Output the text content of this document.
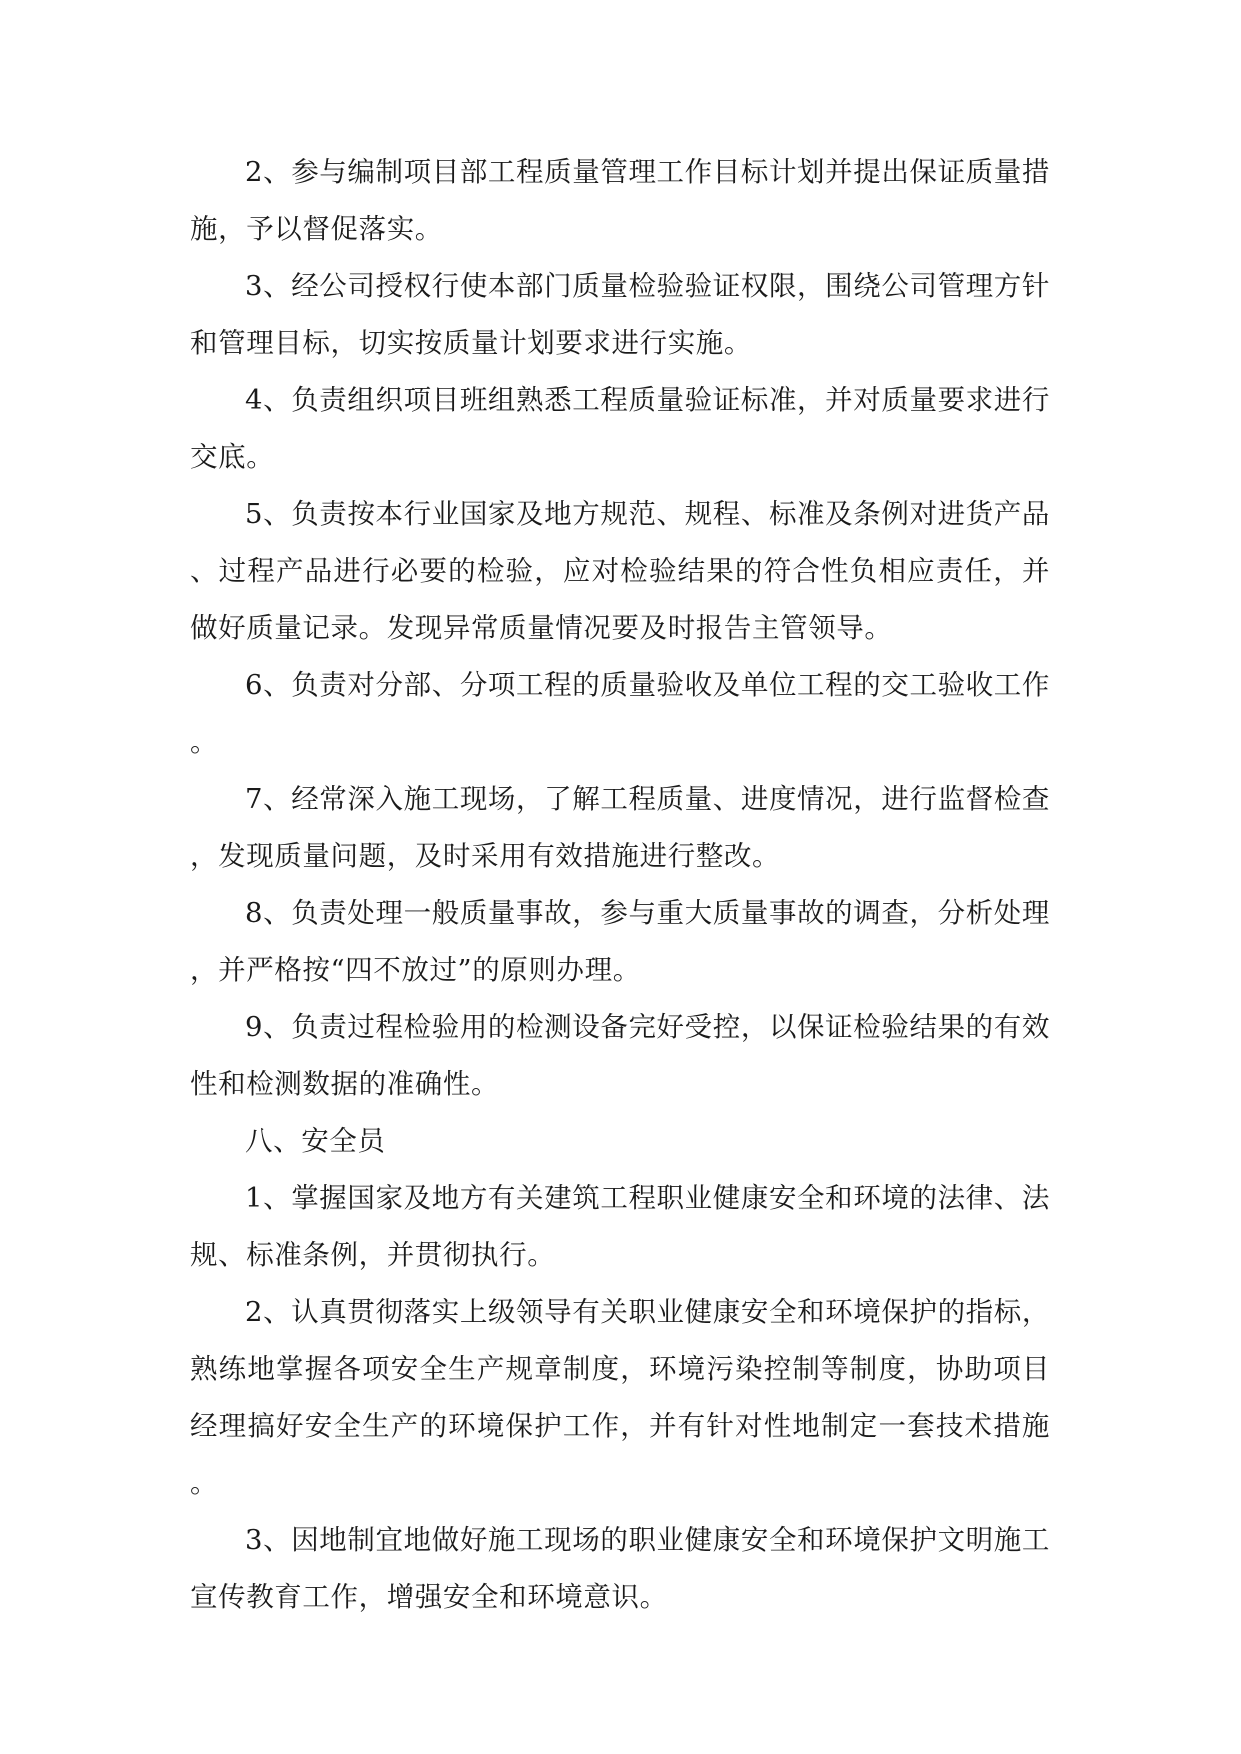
2、参与编制项目部工程质量管理工作目标计划并提出保证质量措施，予以督促落实。

3、经公司授权行使本部门质量检验验证权限，围绕公司管理方针和管理目标，切实按质量计划要求进行实施。

4、负责组织项目班组熟悉工程质量验证标准，并对质量要求进行交底。

5、负责按本行业国家及地方规范、规程、标准及条例对进货产品、过程产品进行必要的检验，应对检验结果的符合性负相应责任，并做好质量记录。发现异常质量情况要及时报告主管领导。

6、负责对分部、分项工程的质量验收及单位工程的交工验收工作。

7、经常深入施工现场，了解工程质量、进度情况，进行监督检查，发现质量问题，及时采用有效措施进行整改。

8、负责处理一般质量事故，参与重大质量事故的调查，分析处理，并严格按“四不放过”的原则办理。

9、负责过程检验用的检测设备完好受控，以保证检验结果的有效性和检测数据的准确性。

八、安全员

1、掌握国家及地方有关建筑工程职业健康安全和环境的法律、法规、标准条例，并贯彻执行。

2、认真贯彻落实上级领导有关职业健康安全和环境保护的指标，熟练地掌握各项安全生产规章制度，环境污染控制等制度，协助项目经理搞好安全生产的环境保护工作，并有针对性地制定一套技术措施。

3、因地制宜地做好施工现场的职业健康安全和环境保护文明施工宣传教育工作，增强安全和环境意识。
